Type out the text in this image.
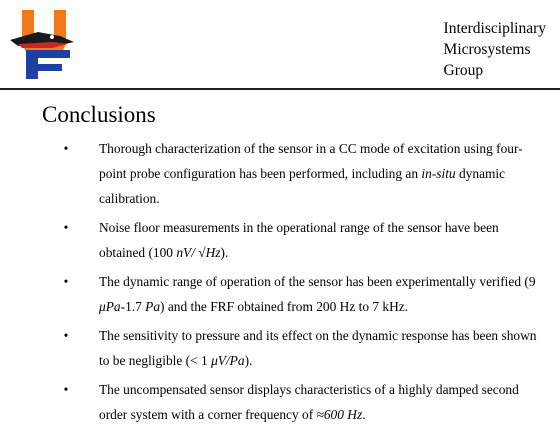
Interdisciplinary
Microsystems
Group
Conclusions
• Thorough characterization of the sensor in a CC mode of excitation using four-point probe configuration has been performed, including an in-situ dynamic calibration.
• Noise floor measurements in the operational range of the sensor have been obtained (100 nV/ √Hz).
• The dynamic range of operation of the sensor has been experimentally verified (9 μPa-1.7 Pa) and the FRF obtained from 200 Hz to 7 kHz.
• The sensitivity to pressure and its effect on the dynamic response has been shown to be negligible (< 1 μV/Pa).
• The uncompensated sensor displays characteristics of a highly damped second order system with a corner frequency of ≈600 Hz.
